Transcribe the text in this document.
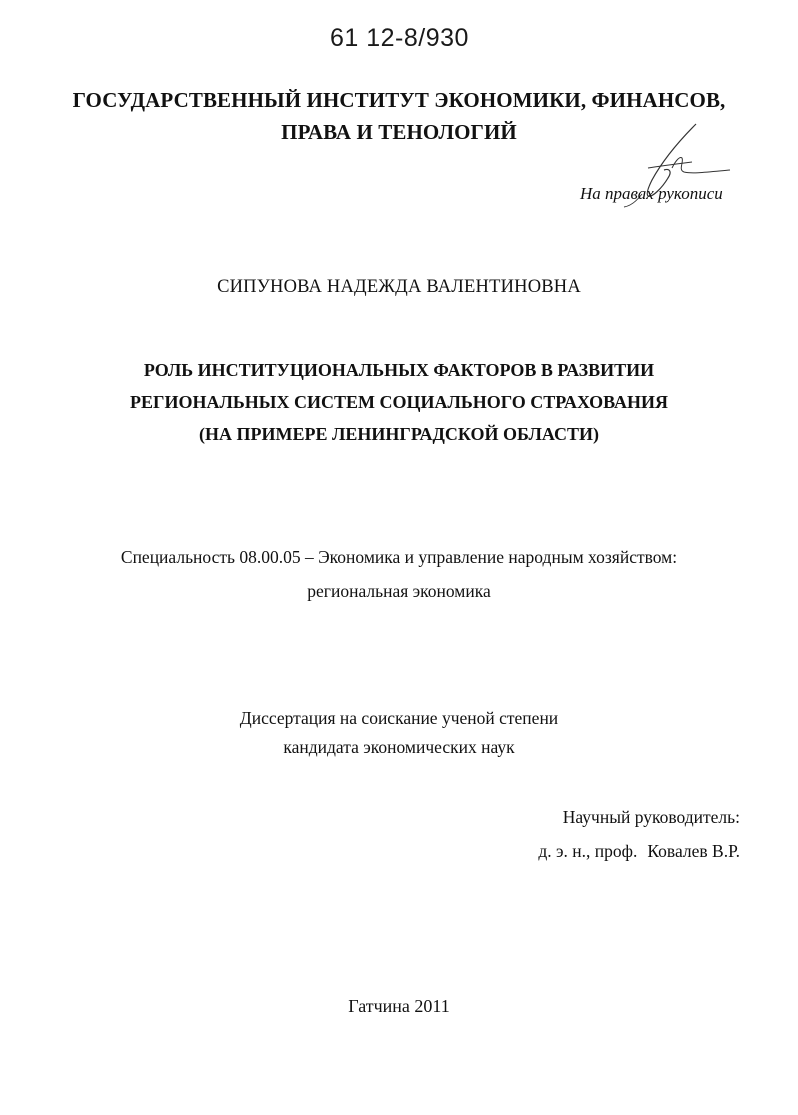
61 12-8/930
ГОСУДАРСТВЕННЫЙ ИНСТИТУТ ЭКОНОМИКИ, ФИНАНСОВ,
ПРАВА И ТЕНОЛОГИЙ
На правах рукописи
СИПУНОВА НАДЕЖДА ВАЛЕНТИНОВНА
РОЛЬ ИНСТИТУЦИОНАЛЬНЫХ ФАКТОРОВ В РАЗВИТИИ
РЕГИОНАЛЬНЫХ СИСТЕМ СОЦИАЛЬНОГО СТРАХОВАНИЯ
(НА ПРИМЕРЕ ЛЕНИНГРАДСКОЙ ОБЛАСТИ)
Специальность 08.00.05 – Экономика и управление народным хозяйством:
региональная экономика
Диссертация на соискание ученой степени
кандидата экономических наук
Научный руководитель:
д. э. н., проф. Ковалев В.Р.
Гатчина 2011
